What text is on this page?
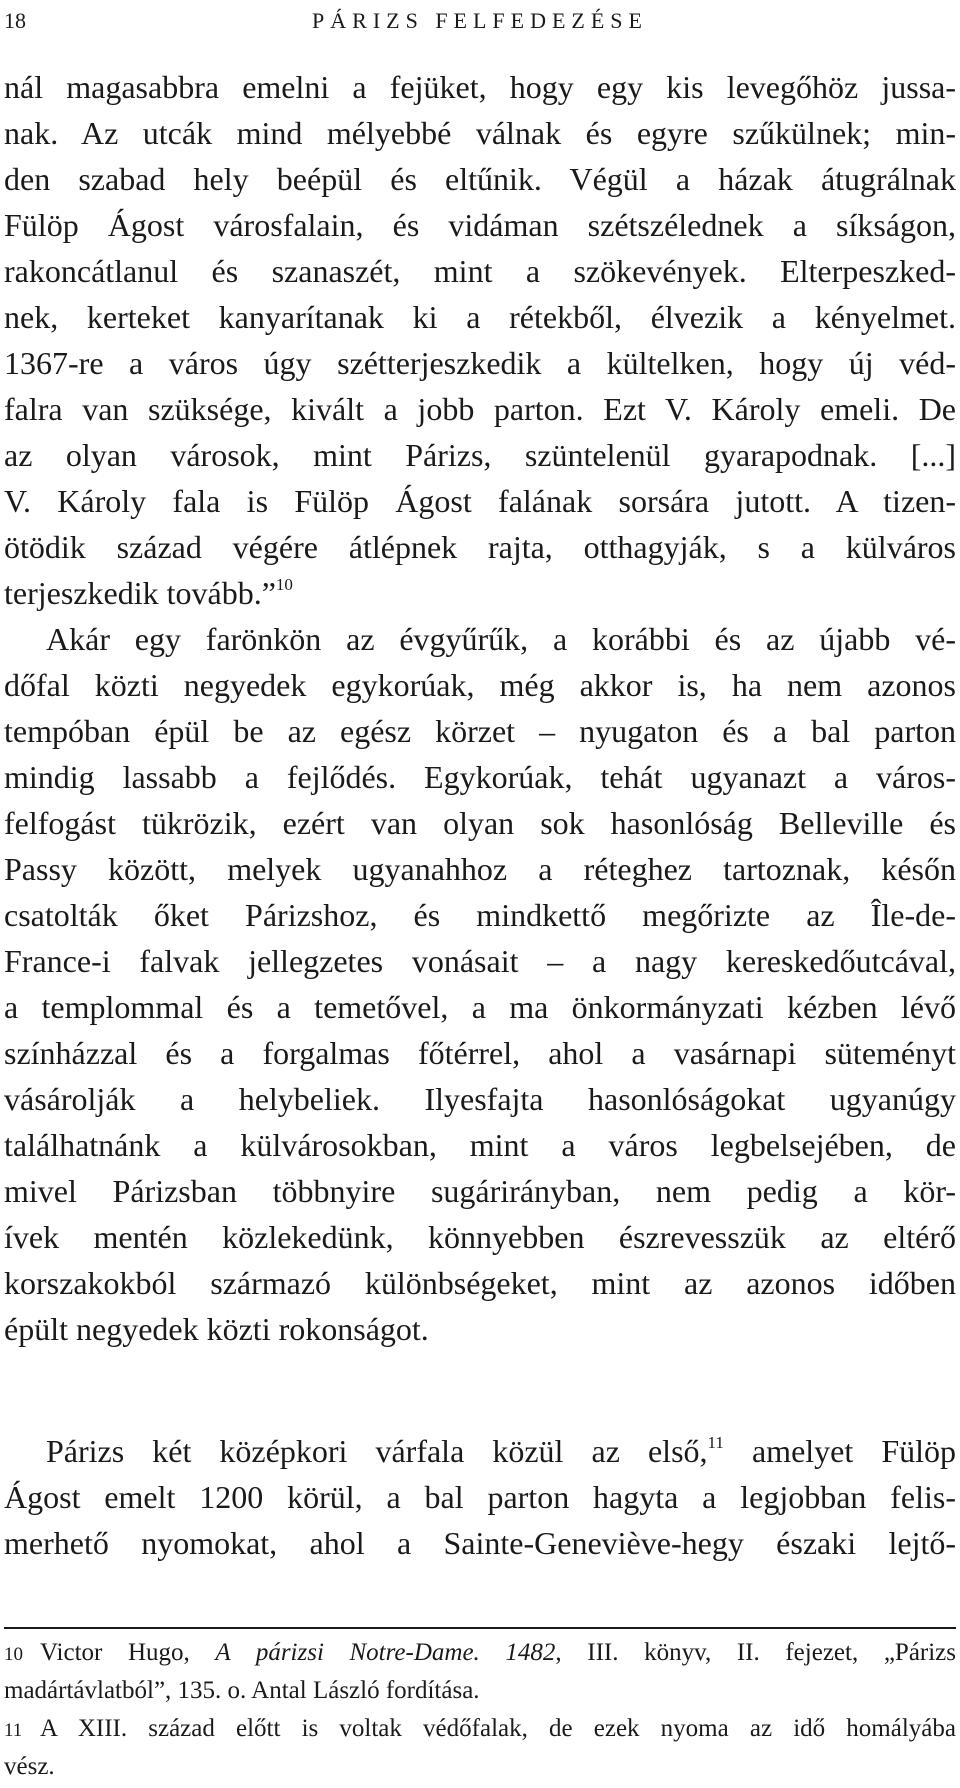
18	PÁRIZS FELFEDEZÉSE
nál magasabbra emelni a fejüket, hogy egy kis levegőhöz jussa-
nak. Az utcák mind mélyebbé válnak és egyre szűkülnek; min-
den szabad hely beépül és eltűnik. Végül a házak átugrálnak
Fülöp Ágost városfalain, és vidáman szétszélednek a síkságon,
rakoncátlanul és szanaszét, mint a szökevények. Elterpeszked-
nek, kerteket kanyarítanak ki a rétekből, élvezik a kényelmet.
1367-re a város úgy szétterjeszkedik a kültelken, hogy új véd-
falra van szüksége, kivált a jobb parton. Ezt V. Károly emeli. De
az olyan városok, mint Párizs, szüntelenül gyarapodnak. [...]
V. Károly fala is Fülöp Ágost falának sorsára jutott. A tizen-
ötödik század végére átlépnek rajta, otthagyják, s a külváros
terjeszkedik tovább.”$^{10}$
Akár egy farönkön az évgyűrűk, a korábbi és az újabb vé-
dőfal közti negyedek egykorúak, még akkor is, ha nem azonos
tempóban épül be az egész körzet – nyugaton és a bal parton
mindig lassabb a fejlődés. Egykorúak, tehát ugyanazt a város-
felfogást tükrözik, ezért van olyan sok hasonlóság Belleville és
Passy között, melyek ugyanahhoz a réteghez tartoznak, későn
csatolták őket Párizshoz, és mindkettő megőrizte az Île-de-
France-i falvak jellegzetes vonásait – a nagy kereskedőutcával,
a templommal és a temetővel, a ma önkormányzati kézben lévő
színházzal és a forgalmas főtérrel, ahol a vasárnapi süteményt
vásárolják a helybeliek. Ilyesfajta hasonlóságokat ugyanúgy
találhatnánk a külvárosokban, mint a város legbelsejében, de
mivel Párizsban többnyire sugárirányban, nem pedig a kör-
ívek mentén közlekedünk, könnyebben észrevesszük az eltérő
korszakokból származó különbségeket, mint az azonos időben
épült negyedek közti rokonságot.
Párizs két középkori várfala közül az első,$^{11}$ amelyet Fülöp
Ágost emelt 1200 körül, a bal parton hagyta a legjobban felis-
merhető nyomokat, ahol a Sainte-Geneviève-hegy északi lejtő-
10 Victor Hugo, A párizsi Notre-Dame. 1482, III. könyv, II. fejezet, „Párizs
madártávlatból”, 135. o. Antal László fordítása.
11 A XIII. század előtt is voltak védőfalak, de ezek nyoma az idő homályába
vész.
